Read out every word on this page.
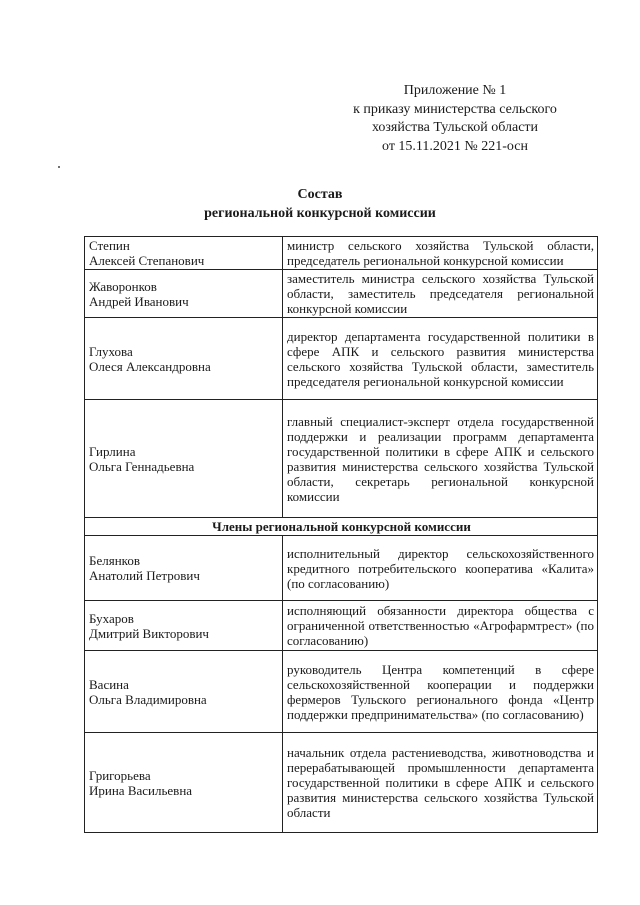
Приложение № 1
к приказу министерства сельского
хозяйства Тульской области
от 15.11.2021 № 221-осн
Состав
региональной конкурсной комиссии
Степин
Алексей Степанович	министр сельского хозяйства Тульской области, председатель региональной конкурсной комиссии

Жаворонков
Андрей Иванович	заместитель министра сельского хозяйства Тульской области, заместитель председателя региональной конкурсной комиссии

Глухова
Олеся Александровна	директор департамента государственной политики в сфере АПК и сельского развития министерства сельского хозяйства Тульской области, заместитель председателя региональной конкурсной комиссии

Гирлина
Ольга Геннадьевна	главный специалист-эксперт отдела государственной поддержки и реализации программ департамента государственной политики в сфере АПК и сельского развития министерства сельского хозяйства Тульской области, секретарь региональной конкурсной комиссии
Члены региональной конкурсной комиссии	

Белянков
Анатолий Петрович	исполнительный директор сельскохозяйственного кредитного потребительского кооператива «Калита» (по согласованию)

Бухаров
Дмитрий Викторович	исполняющий обязанности директора общества с ограниченной ответственностью «Агрофармтрест» (по согласованию)

Васина
Ольга Владимировна	руководитель Центра компетенций в сфере сельскохозяйственной кооперации и поддержки фермеров Тульского регионального фонда «Центр поддержки предпринимательства» (по согласованию)

Григорьева
Ирина Васильевна	начальник отдела растениеводства, животноводства и перерабатывающей промышленности департамента государственной политики в сфере АПК и сельского развития министерства сельского хозяйства Тульской области
